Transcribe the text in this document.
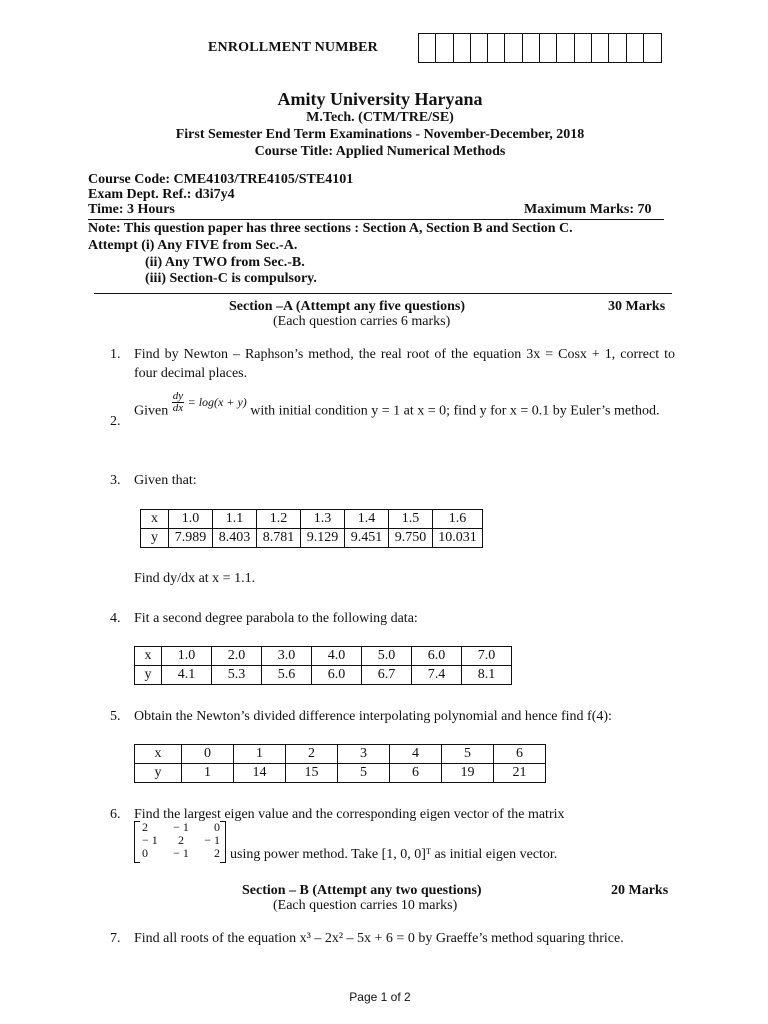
ENROLLMENT NUMBER
Amity University Haryana
M.Tech. (CTM/TRE/SE)
First Semester End Term Examinations - November-December, 2018
Course Title: Applied Numerical Methods
Course Code: CME4103/TRE4105/STE4101
Exam Dept. Ref.: d3i7y4
Time: 3 Hours	Maximum Marks: 70
Note: This question paper has three sections : Section A, Section B and Section C.
Attempt (i) Any FIVE from Sec.-A.
(ii) Any TWO from Sec.-B.
(iii) Section-C is compulsory.
Section –A (Attempt any five questions)	30 Marks
(Each question carries 6 marks)
1. Find by Newton – Raphson’s method, the real root of the equation 3x = Cosx + 1, correct to four decimal places.
2.
Given $\frac{dy}{dx}$ = log⁡(x + y) with initial condition y = 1 at x = 0; find y for x = 0.1 by Euler’s method.
3. Given that:
x	1.0	1.1	1.2	1.3	1.4	1.5	1.6
y	7.989	8.403	8.781	9.129	9.451	9.750	10.031
Find dy/dx at x = 1.1.
4. Fit a second degree parabola to the following data:
x	1.0	2.0	3.0	4.0	5.0	6.0	7.0
y	4.1	5.3	5.6	6.0	6.7	7.4	8.1
5. Obtain the Newton’s divided difference interpolating polynomial and hence find f(4):
x	0	1	2	3	4	5	6
y	1	14	15	5	6	19	21
6. Find the largest eigen value and the corresponding eigen vector of the matrix
2 − 1 0
− 1 2 − 1
0 − 1 2 using power method. Take [1, 0, 0]ᵀ as initial eigen vector.
Section – B (Attempt any two questions)	20 Marks
(Each question carries 10 marks)
7. Find all roots of the equation x³ – 2x² – 5x + 6 = 0 by Graeffe’s method squaring thrice.
Page 1 of 2
